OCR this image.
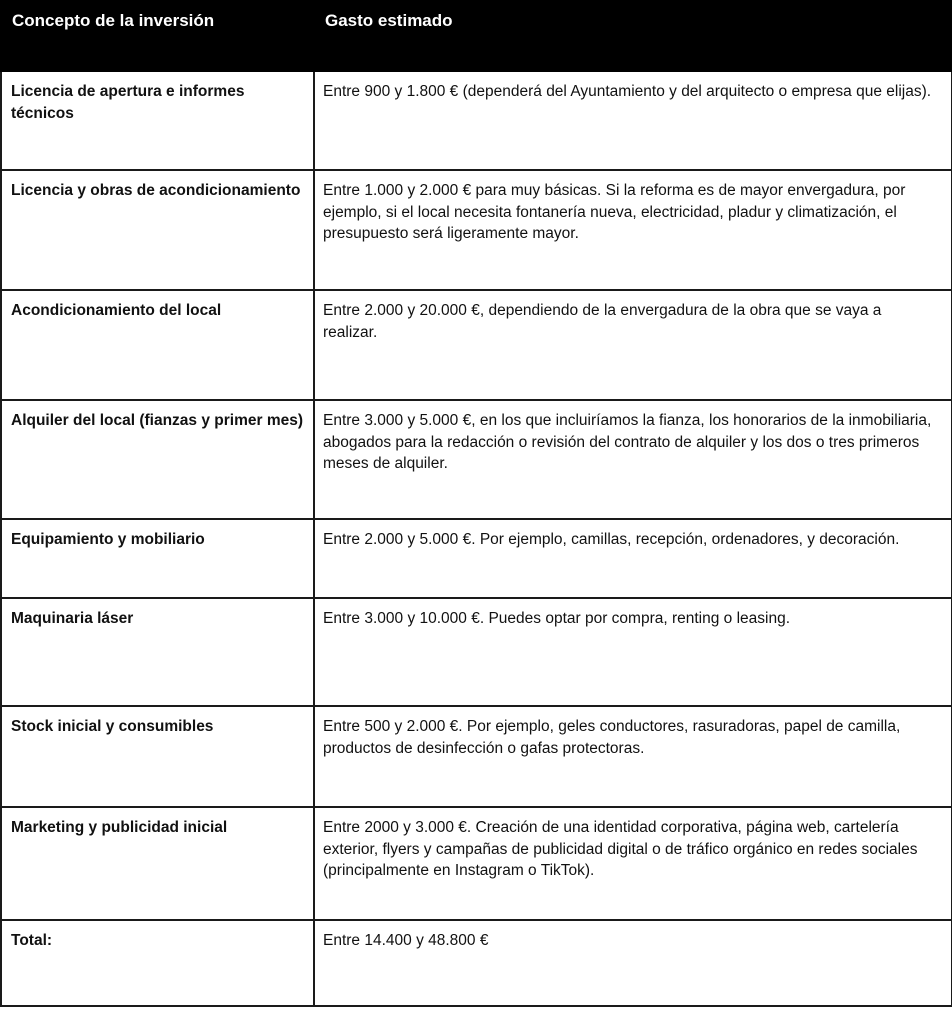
Concepto de la inversión	Gasto estimado
Licencia de apertura e informes técnicos	Entre 900 y 1.800 € (dependerá del Ayuntamiento y del arquitecto o empresa que elijas).
Licencia y obras de acondicionamiento	Entre 1.000 y 2.000 € para muy básicas. Si la reforma es de mayor envergadura, por ejemplo, si el local necesita fontanería nueva, electricidad, pladur y climatización, el presupuesto será ligeramente mayor.
Acondicionamiento del local	Entre 2.000 y 20.000 €, dependiendo de la envergadura de la obra que se vaya a realizar.
Alquiler del local (fianzas y primer mes)	Entre 3.000 y 5.000 €, en los que incluiríamos la fianza, los honorarios de la inmobiliaria, abogados para la redacción o revisión del contrato de alquiler y los dos o tres primeros meses de alquiler.
Equipamiento y mobiliario	Entre 2.000 y 5.000 €. Por ejemplo, camillas, recepción, ordenadores, y decoración.
Maquinaria láser	Entre 3.000 y 10.000 €. Puedes optar por compra, renting o leasing.
Stock inicial y consumibles	Entre 500 y 2.000 €. Por ejemplo, geles conductores, rasuradoras, papel de camilla, productos de desinfección o gafas protectoras.
Marketing y publicidad inicial	Entre 2000 y 3.000 €. Creación de una identidad corporativa, página web, cartelería exterior, flyers y campañas de publicidad digital o de tráfico orgánico en redes sociales (principalmente en Instagram o TikTok).
Total:	Entre 14.400 y 48.800 €
